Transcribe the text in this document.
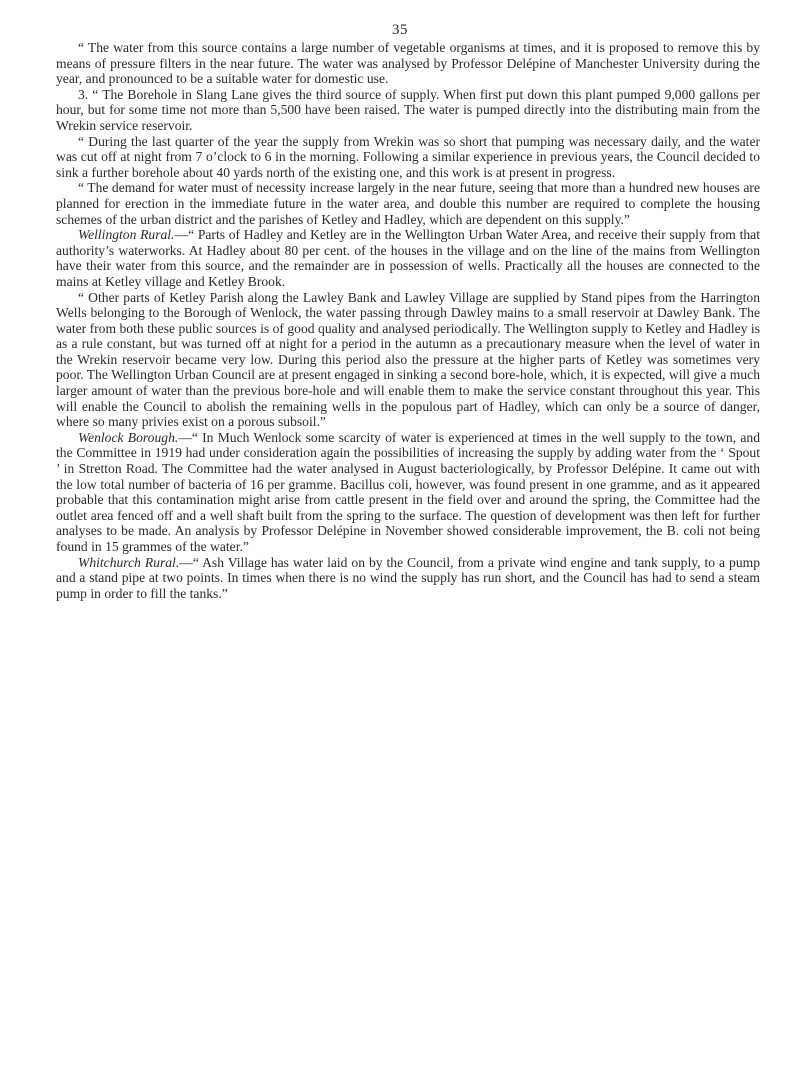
35

“ The water from this source contains a large number of vegetable organisms at times, and it is proposed to remove this by means of pressure filters in the near future. The water was analysed by Professor Delépine of Manchester University during the year, and pronounced to be a suitable water for domestic use.

3. “ The Borehole in Slang Lane gives the third source of supply. When first put down this plant pumped 9,000 gallons per hour, but for some time not more than 5,500 have been raised. The water is pumped directly into the distributing main from the Wrekin service reservoir.

“ During the last quarter of the year the supply from Wrekin was so short that pumping was necessary daily, and the water was cut off at night from 7 o’clock to 6 in the morning. Following a similar experience in previous years, the Council decided to sink a further borehole about 40 yards north of the existing one, and this work is at present in progress.

“ The demand for water must of necessity increase largely in the near future, seeing that more than a hundred new houses are planned for erection in the immediate future in the water area, and double this number are required to complete the housing schemes of the urban district and the parishes of Ketley and Hadley, which are dependent on this supply.”

Wellington Rural.—“ Parts of Hadley and Ketley are in the Wellington Urban Water Area, and receive their supply from that authority’s waterworks. At Hadley about 80 per cent. of the houses in the village and on the line of the mains from Wellington have their water from this source, and the remainder are in possession of wells. Practically all the houses are connected to the mains at Ketley village and Ketley Brook.

“ Other parts of Ketley Parish along the Lawley Bank and Lawley Village are supplied by Stand pipes from the Harrington Wells belonging to the Borough of Wenlock, the water passing through Dawley mains to a small reservoir at Dawley Bank. The water from both these public sources is of good quality and analysed periodically. The Wellington supply to Ketley and Hadley is as a rule constant, but was turned off at night for a period in the autumn as a precautionary measure when the level of water in the Wrekin reservoir became very low. During this period also the pressure at the higher parts of Ketley was sometimes very poor. The Wellington Urban Council are at present engaged in sinking a second bore-hole, which, it is expected, will give a much larger amount of water than the previous bore-hole and will enable them to make the service constant throughout this year. This will enable the Council to abolish the remaining wells in the populous part of Hadley, which can only be a source of danger, where so many privies exist on a porous subsoil.”

Wenlock Borough.—“ In Much Wenlock some scarcity of water is experienced at times in the well supply to the town, and the Committee in 1919 had under consideration again the possibilities of increasing the supply by adding water from the ‘ Spout ’ in Stretton Road. The Committee had the water analysed in August bacteriologically, by Professor Delépine. It came out with the low total number of bacteria of 16 per gramme. Bacillus coli, however, was found present in one gramme, and as it appeared probable that this contamination might arise from cattle present in the field over and around the spring, the Committee had the outlet area fenced off and a well shaft built from the spring to the surface. The question of development was then left for further analyses to be made. An analysis by Professor Delépine in November showed considerable improvement, the B. coli not being found in 15 grammes of the water.”

Whitchurch Rural.—“ Ash Village has water laid on by the Council, from a private wind engine and tank supply, to a pump and a stand pipe at two points. In times when there is no wind the supply has run short, and the Council has had to send a steam pump in order to fill the tanks.”
